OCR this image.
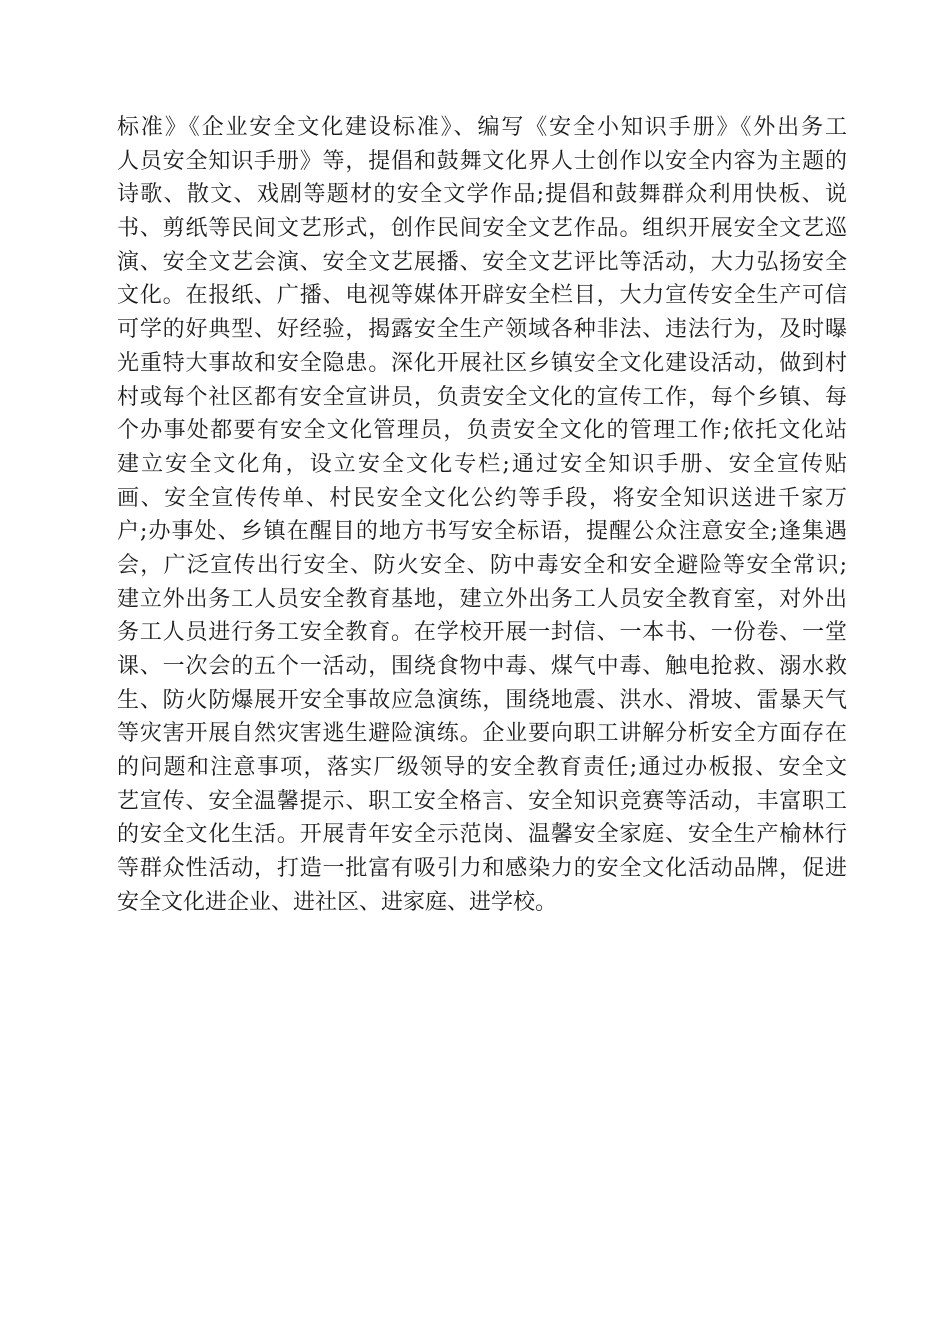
标准》《企业安全文化建设标准》、编写《安全小知识手册》《外出务工
人员安全知识手册》等，提倡和鼓舞文化界人士创作以安全内容为主题的
诗歌、散文、戏剧等题材的安全文学作品;提倡和鼓舞群众利用快板、说
书、剪纸等民间文艺形式，创作民间安全文艺作品。组织开展安全文艺巡
演、安全文艺会演、安全文艺展播、安全文艺评比等活动，大力弘扬安全
文化。在报纸、广播、电视等媒体开辟安全栏目，大力宣传安全生产可信
可学的好典型、好经验，揭露安全生产领域各种非法、违法行为，及时曝
光重特大事故和安全隐患。深化开展社区乡镇安全文化建设活动，做到村
村或每个社区都有安全宣讲员，负责安全文化的宣传工作，每个乡镇、每
个办事处都要有安全文化管理员，负责安全文化的管理工作;依托文化站
建立安全文化角，设立安全文化专栏;通过安全知识手册、安全宣传贴
画、安全宣传传单、村民安全文化公约等手段，将安全知识送进千家万
户;办事处、乡镇在醒目的地方书写安全标语，提醒公众注意安全;逢集遇
会，广泛宣传出行安全、防火安全、防中毒安全和安全避险等安全常识;
建立外出务工人员安全教育基地，建立外出务工人员安全教育室，对外出
务工人员进行务工安全教育。在学校开展一封信、一本书、一份卷、一堂
课、一次会的五个一活动，围绕食物中毒、煤气中毒、触电抢救、溺水救
生、防火防爆展开安全事故应急演练，围绕地震、洪水、滑坡、雷暴天气
等灾害开展自然灾害逃生避险演练。企业要向职工讲解分析安全方面存在
的问题和注意事项，落实厂级领导的安全教育责任;通过办板报、安全文
艺宣传、安全温馨提示、职工安全格言、安全知识竞赛等活动，丰富职工
的安全文化生活。开展青年安全示范岗、温馨安全家庭、安全生产榆林行
等群众性活动，打造一批富有吸引力和感染力的安全文化活动品牌，促进
安全文化进企业、进社区、进家庭、进学校。
